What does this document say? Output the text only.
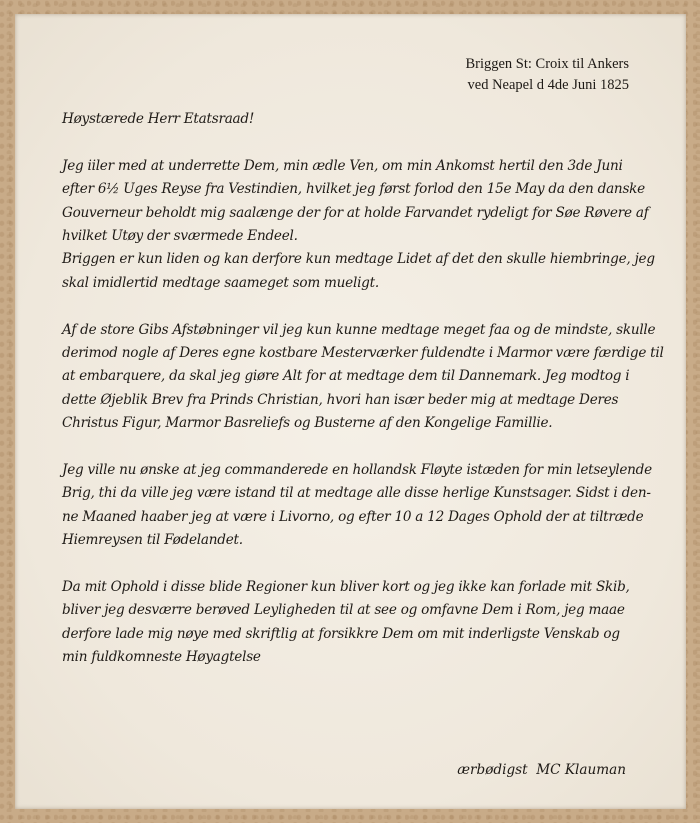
Briggen St: Croix til Ankers
ved Neapel d 4de Juni 1825
Høystærede Herr Etatsraad!
Jeg iiler med at underrette Dem, min ædle Ven, om min Ankomst hertil den 3de Juni
efter 6½ Uges Reyse fra Vestindien, hvilket jeg først forlod den 15e May da den danske
Gouverneur beholdt mig saalænge der for at holde Farvandet rydeligt for Søe Røvere af
hvilket Utøy der sværmede Endeel.
Briggen er kun liden og kan derfore kun medtage Lidet af det den skulle hiembringe, jeg
skal imidlertid medtage saameget som mueligt.
Af de store Gibs Afstøbninger vil jeg kun kunne medtage meget faa og de mindste, skulle
derimod nogle af Deres egne kostbare Mesterværker fuldendte i Marmor være færdige til
at embarquere, da skal jeg giøre Alt for at medtage dem til Dannemark. Jeg modtog i
dette Øjeblik Brev fra Prinds Christian, hvori han især beder mig at medtage Deres
Christus Figur, Marmor Basreliefs og Busterne af den Kongelige Famillie.
Jeg ville nu ønske at jeg commanderede en hollandsk Fløyte istæden for min letseylende
Brig, thi da ville jeg være istand til at medtage alle disse herlige Kunstsager. Sidst i den-
ne Maaned haaber jeg at være i Livorno, og efter 10 a 12 Dages Ophold der at tiltræde
Hiemreysen til Fødelandet.
Da mit Ophold i disse blide Regioner kun bliver kort og jeg ikke kan forlade mit Skib,
bliver jeg desværre berøved Leyligheden til at see og omfavne Dem i Rom, jeg maae
derfore lade mig nøye med skriftlig at forsikkre Dem om mit inderligste Venskab og
min fuldkomneste Høyagtelse
ærbødigst  MC Klauman
